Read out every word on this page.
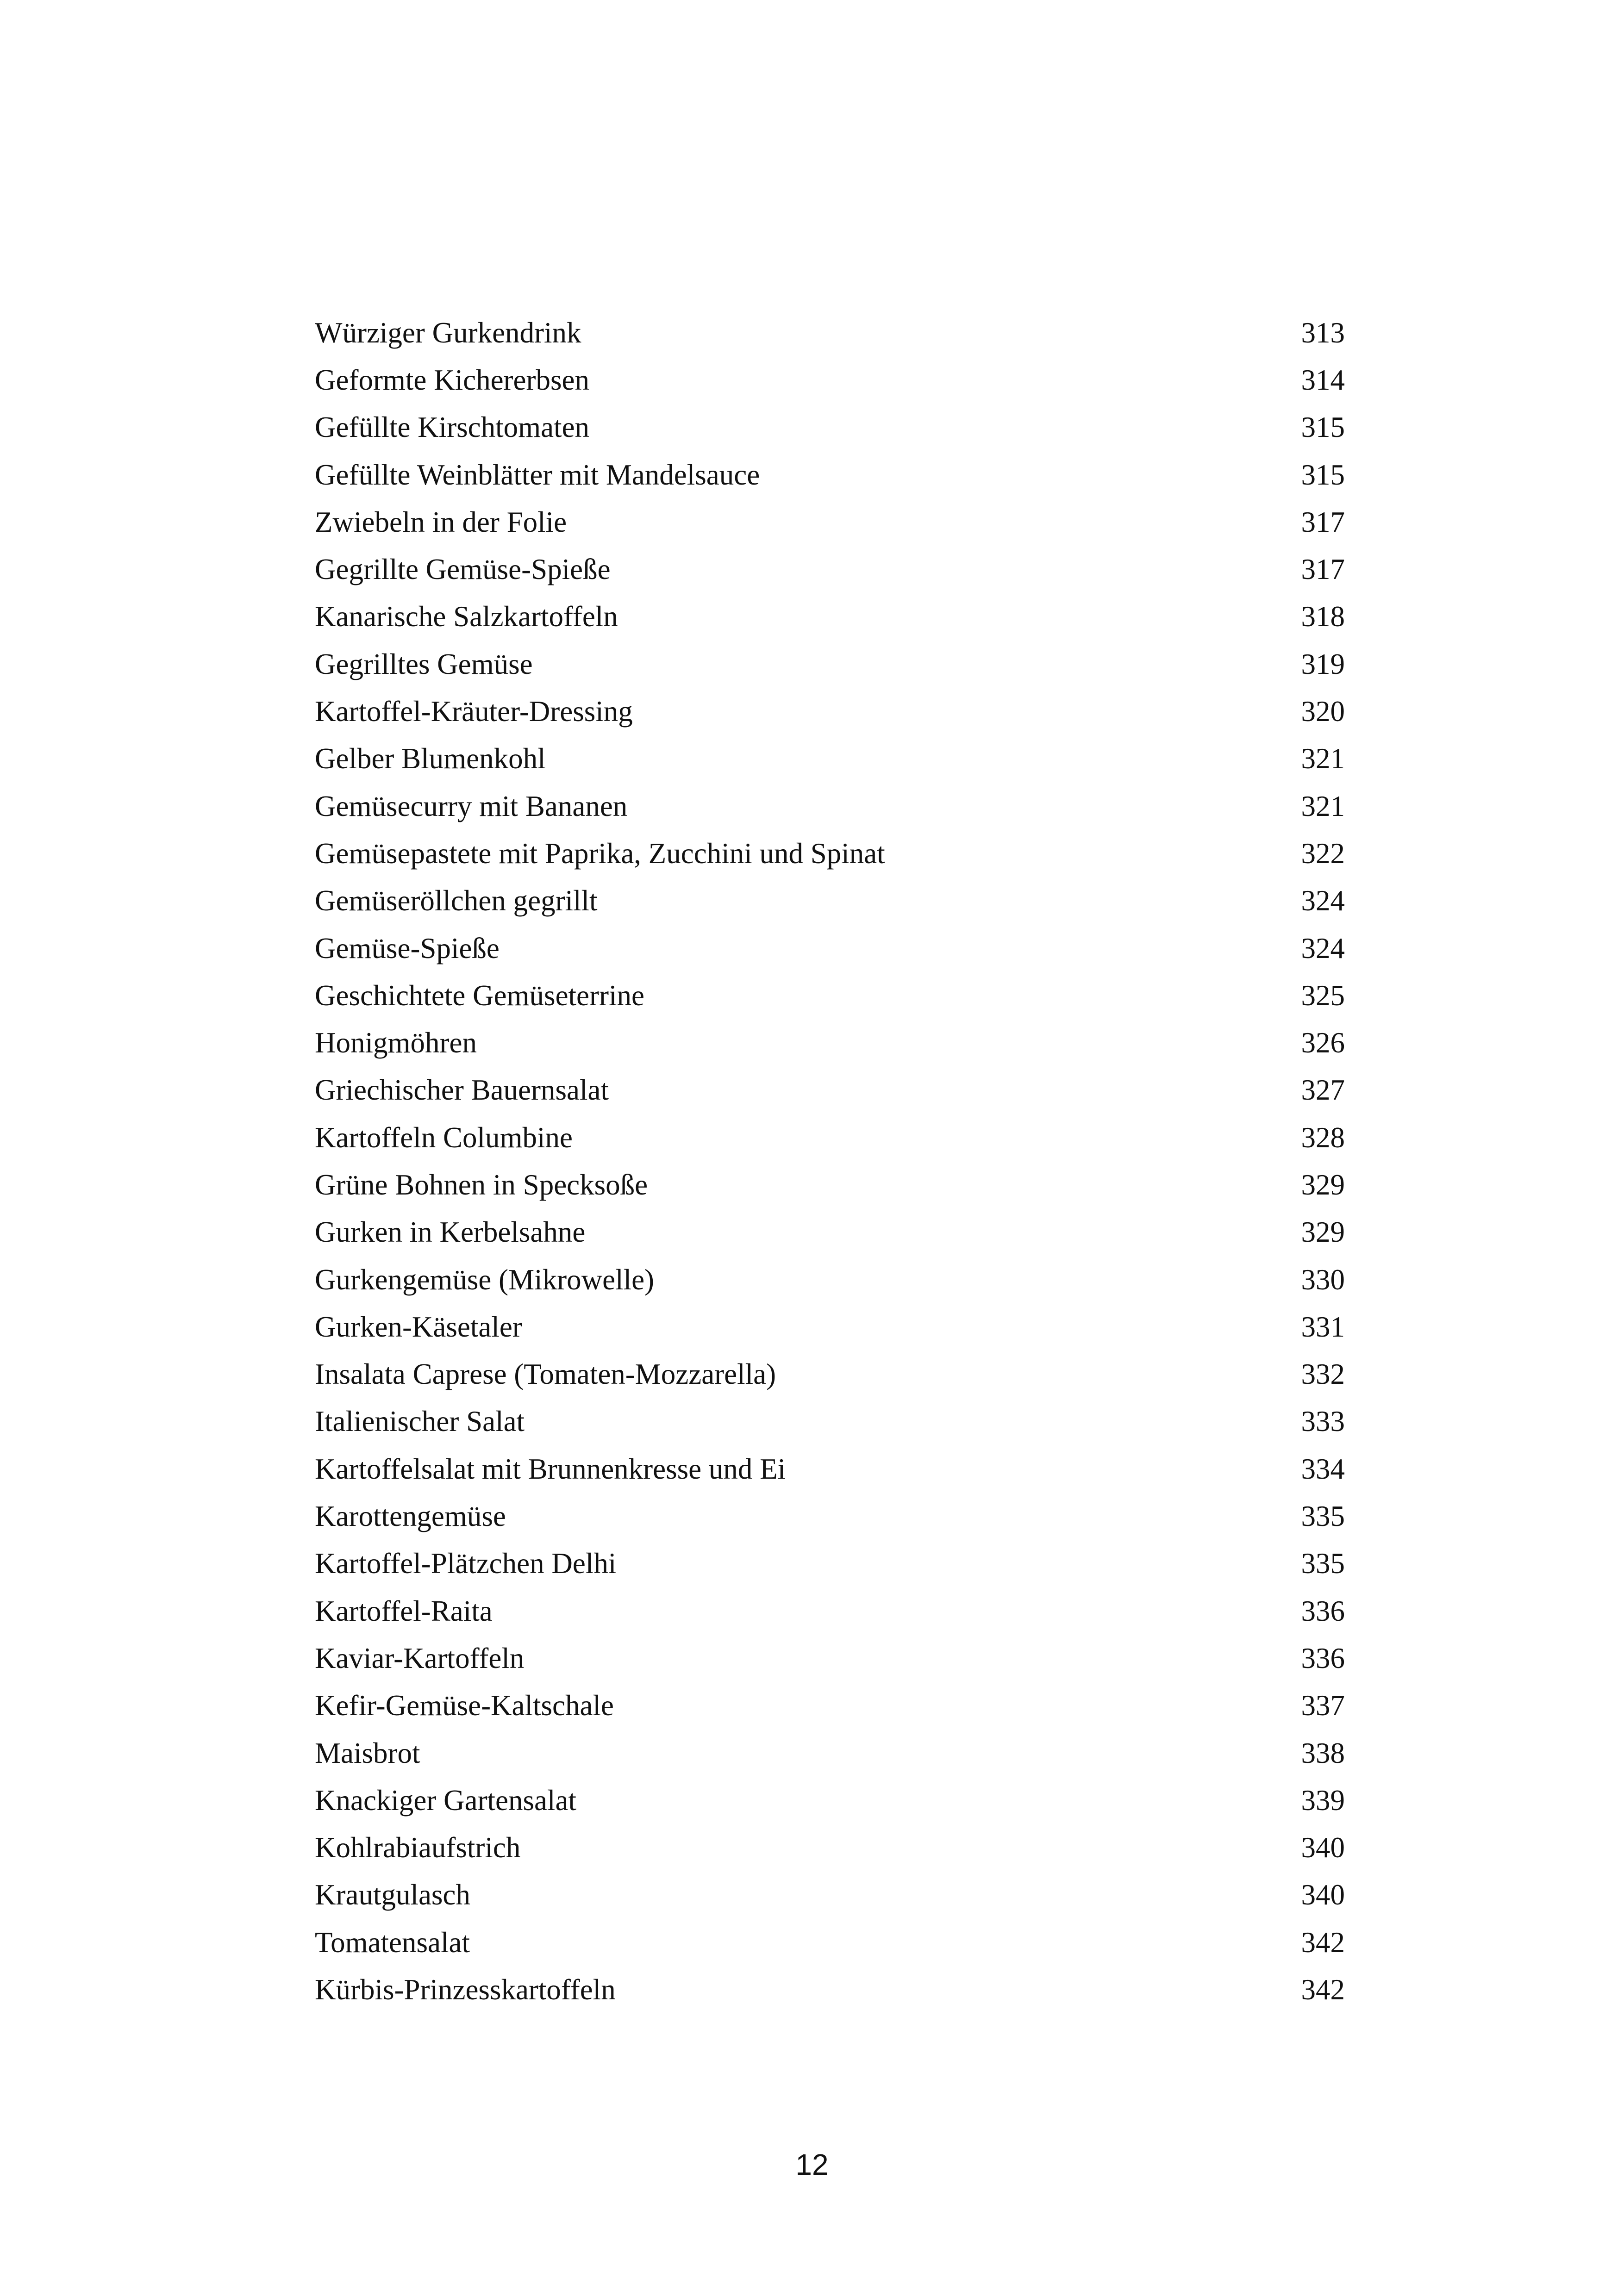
Würziger Gurkendrink	313
Geformte Kichererbsen	314
Gefüllte Kirschtomaten	315
Gefüllte Weinblätter mit Mandelsauce	315
Zwiebeln in der Folie	317
Gegrillte Gemüse-Spieße	317
Kanarische Salzkartoffeln	318
Gegrilltes Gemüse	319
Kartoffel-Kräuter-Dressing	320
Gelber Blumenkohl	321
Gemüsecurry mit Bananen	321
Gemüsepastete mit Paprika, Zucchini und Spinat	322
Gemüseröllchen gegrillt	324
Gemüse-Spieße	324
Geschichtete Gemüseterrine	325
Honigmöhren	326
Griechischer Bauernsalat	327
Kartoffeln Columbine	328
Grüne Bohnen in Specksoße	329
Gurken in Kerbelsahne	329
Gurkengemüse (Mikrowelle)	330
Gurken-Käsetaler	331
Insalata Caprese (Tomaten-Mozzarella)	332
Italienischer Salat	333
Kartoffelsalat mit Brunnenkresse und Ei	334
Karottengemüse	335
Kartoffel-Plätzchen Delhi	335
Kartoffel-Raita	336
Kaviar-Kartoffeln	336
Kefir-Gemüse-Kaltschale	337
Maisbrot	338
Knackiger Gartensalat	339
Kohlrabiaufstrich	340
Krautgulasch	340
Tomatensalat	342
Kürbis-Prinzesskartoffeln	342
12
